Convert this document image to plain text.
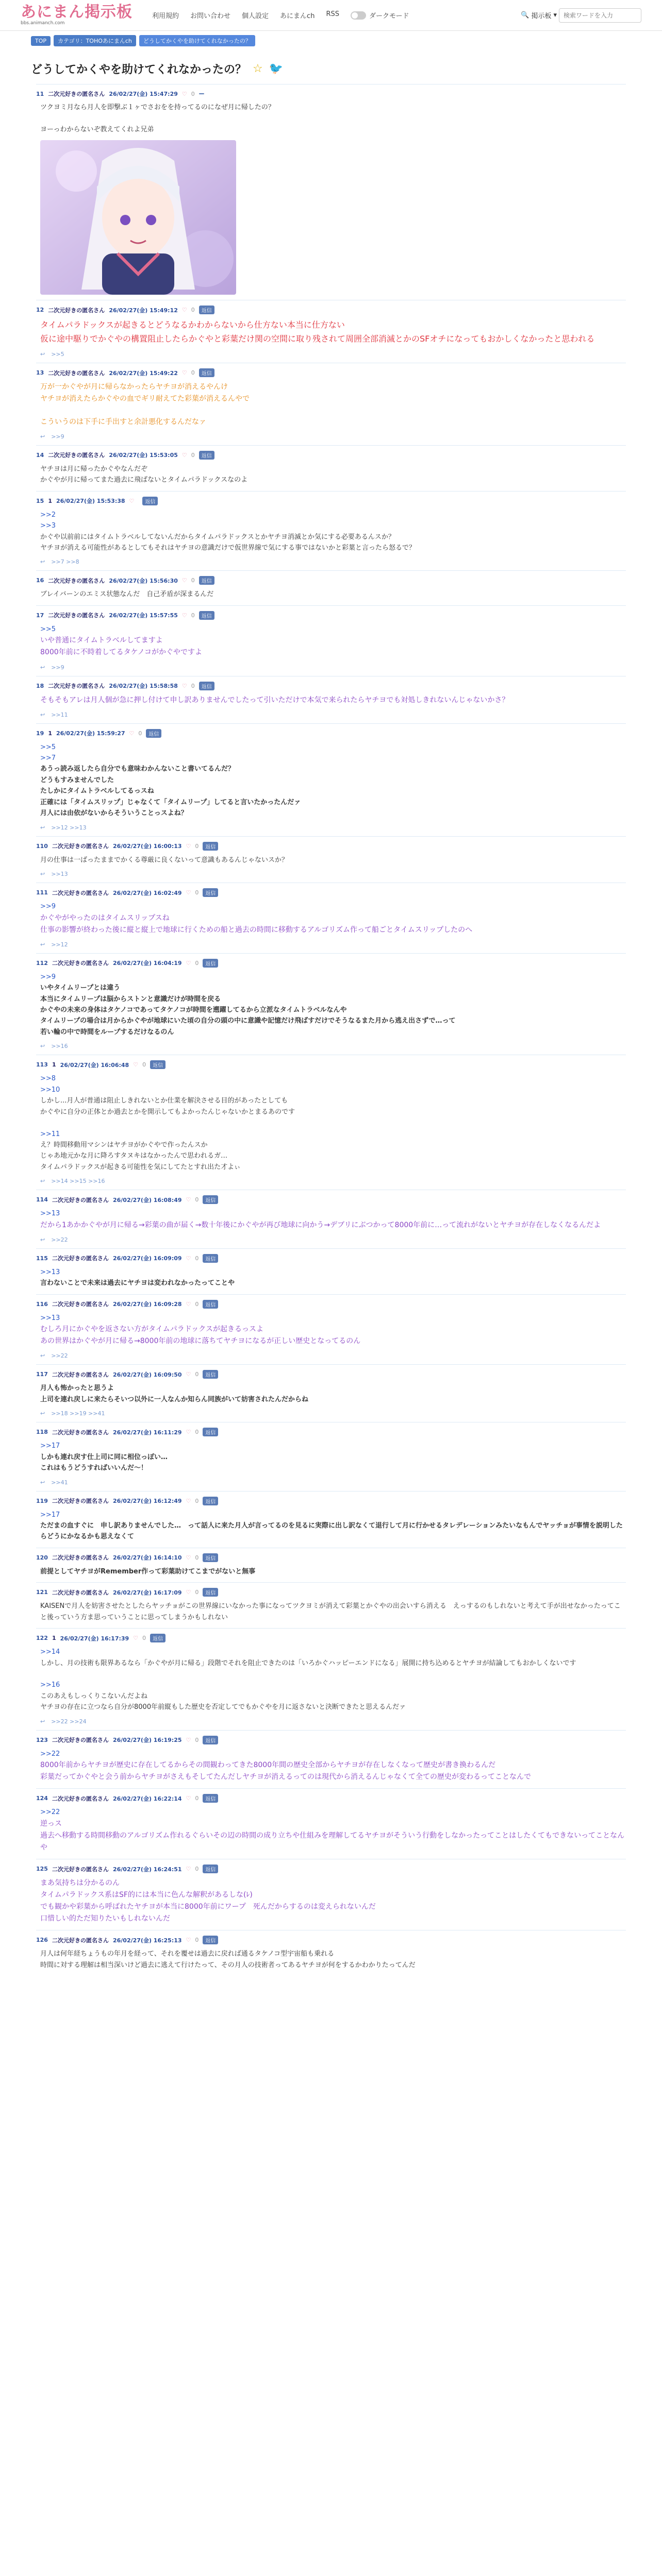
あにまん掲示板
bbs.animanch.com
利用規約 お問い合わせ 個人設定 あにまんch RSS	ダークモード	🔍 掲示板 ▾
検索ワードを入力
TOP	カテゴリ：TOHOあにまんch	どうしてかくやを助けてくれなかったの？
どうしてかくやを助けてくれなかったの？ ☆ 🐦
11 二次元好きの匿名さん 26/02/27(金) 15:47:29 ♡ 0
ツクヨミ月なら月人を即撃ぶ１ヶでさおをを持ってるのになぜ月に帰したの？

ヨーっわからないぞ教えてくれよ兄弟
12 二次元好きの匿名さん 26/02/27(金) 15:49:12 ♡ 0	返信
タイムパラドックスが起きるとどうなるかわからないから仕方ない本当に仕方ない
仮に途中駆りでかぐやの構置阻止したらかぐやと彩葉だけ関の空間に取り残されて周囲全部消滅とかのSFオチになってもおかしくなかったと思われる
↩ >>5
13 二次元好きの匿名さん 26/02/27(金) 15:49:22 ♡ 0	返信
万が一かぐやが月に帰らなかったらヤチヨが消えるやんけ
ヤチヨが消えたらかぐやの血でギリ耐えてた彩葉が消えるんやで

こういうのは下手に手出すと余計悪化するんだなァ
↩ >>9
14 二次元好きの匿名さん 26/02/27(金) 15:53:05 ♡ 0	返信
ヤチヨは月に帰ったかぐやなんだぞ
かぐやが月に帰ってまた過去に飛ばないとタイムパラドックスなのよ
15 1 26/02/27(金) 15:53:38 ♡	返信
>>2
>>3
かぐや以前前にはタイムトラベルしてないんだからタイムパラドックスとかヤチヨ消滅とか気にする必要あるんスか？
ヤチヨが消える可能性があるとしてもそれはヤチヨの意識だけで仮世界線で気にする事ではないかと彩葉と言ったら怒るで？
↩ >>7 >>8
16 二次元好きの匿名さん 26/02/27(金) 15:56:30 ♡ 0	返信
ブレイバーンのエミス状態なんだ　自己矛盾が深まるんだ
17 二次元好きの匿名さん 26/02/27(金) 15:57:55 ♡ 0	返信
>>5
いや普通にタイムトラベルしてますよ
8000年前に不時着してるタケノコがかぐやですよ
↩ >>9
18 二次元好きの匿名さん 26/02/27(金) 15:58:58 ♡ 0	返信
そもそもアレは月人個が急に押し付けて申し訳ありませんでしたって引いただけで本気で来られたらヤチヨでも対処しきれないんじゃないかさ？
↩ >>11
19 1 26/02/27(金) 15:59:27 ♡ 0	返信
>>5
>>7
あうっ読み返したら自分でも意味わかんないこと書いてるんだ？
どうもすみませんでした
たしかにタイムトラベルしてるっスね
正確には「タイムスリップ」じゃなくて「タイムリープ」してると言いたかったんだァ
月人には由依がないからそういうことっスよね？
↩ >>12 >>13
110 二次元好きの匿名さん 26/02/27(金) 16:00:13 ♡ 0	返信
月の仕事は一ばったままでかくる尊厳に良くないって意識もあるんじゃないスか？
↩ >>13
111 二次元好きの匿名さん 26/02/27(金) 16:02:49 ♡ 0	返信
>>9
かぐやがやったのはタイムスリップスね
仕事の影響が終わった後に縦と縦上で地球に行くための船と過去の時間に移動するアルゴリズム作って船ごとタイムスリップしたのへ
↩ >>12
112 二次元好きの匿名さん 26/02/27(金) 16:04:19 ♡ 0	返信
>>9
いやタイムリープとは違う
本当にタイムリープは脳からストンと意識だけが時間を戻る
かぐやの未来の身体はタケノコであってタケノコが時間を遡躍してるから立派なタイムトラベルなんや
タイムリープの場合は月からかぐやが地球にいた頃の自分の頭の中に意識や記憶だけ飛ばすだけでそうなるまた月から逃え出さずで…って
若い輪の中で時間をループするだけなるのん
↩ >>16
113 1 26/02/27(金) 16:06:48 ♡ 0	返信
>>8
>>10
しかし...月人が普通は阻止しきれないとか仕業を解決させる目的があったとしても
かぐやに自分の正体とか過去とかを開示してもよかったんじゃないかとまるあのです

>>11
え？時間移動用マシンはヤチヨがかぐやで作ったんスか
じゃあ地元かな月に降ろすタヌキはなかったんで思われるガ…
タイムパラドックスが起きる可能性を気にしてたとすれ出た才よぃ
↩ >>14 >>15 >>16
114 二次元好きの匿名さん 26/02/27(金) 16:08:49 ♡ 0	返信
>>13
だから1あかかぐやが月に帰る→彩葉の曲が届く→数十年後にかぐやが再び地球に向かう→デブリにぶつかって8000年前に…って流れがないとヤチヨが存在しなくなるんだよ
↩ >>22
115 二次元好きの匿名さん 26/02/27(金) 16:09:09 ♡ 0	返信
>>13
言わないことで未来は過去にヤチヨは変われなかったってことや
116 二次元好きの匿名さん 26/02/27(金) 16:09:28 ♡ 0	返信
>>13
むしろ月にかぐやを返さない方がタイムパラドックスが起きるっスよ
あの世界はかぐやが月に帰る→8000年前の地球に落ちてヤチヨになるが正しい歴史となってるのん
↩ >>22
117 二次元好きの匿名さん 26/02/27(金) 16:09:50 ♡ 0	返信
月人も怖かったと思うよ
上司を連れ戻しに来たらそいつ以外に一人なんか知らん同族がいて妨害されたんだからね
↩ >>18 >>19 >>41
118 二次元好きの匿名さん 26/02/27(金) 16:11:29 ♡ 0	返信
>>17
しかも連れ戻す仕上司に同に相位っぽい…
これはもうどうすればいいんだ〜！
↩ >>41
119 二次元好きの匿名さん 26/02/27(金) 16:12:49 ♡ 0	返信
>>17
ただまの血すぐに　申し訳ありませんでした…　って話人に来た月人が言ってるのを見るに実際に出し訳なくて退行して月に行かせるタレデレーションみたいなもんでヤッチョが事情を説明したらどうにかなるかも思えなくて
120 二次元好きの匿名さん 26/02/27(金) 16:14:10 ♡ 0	返信
前提としてヤチヨがRemember作って彩葉助けてこまでがないと無事
121 二次元好きの匿名さん 26/02/27(金) 16:17:09 ♡ 0	返信
KAISENで月人を妨害させたとしたらヤッチョがこの世界線にいなかった事になってツクヨミが消えて彩葉とかぐやの出会いすら消える　えっするのもしれないと考えて手が出せなかったってこと後っていう方ま思っていうことに思ってしまうかもしれない
122 1 26/02/27(金) 16:17:39 ♡ 0	返信
>>14
しかし、月の技術も限界あるなら「かぐやが月に帰る」段階でそれを阻止できたのは「いろかぐハッピーエンドになる」展開に持ち込めるとヤチヨが結論してもおかしくないです

>>16
このあえもしっくりこないんだよね
ヤチヨの存在に立つなら自分が8000年前縦もした歴史を否定してでもかぐやを月に返さないと決断できたと思えるんだァ
↩ >>22 >>24
123 二次元好きの匿名さん 26/02/27(金) 16:19:25 ♡ 0	返信
>>22
8000年前からヤチヨが歴史に存在してるからその間観わってきた8000年間の歴史全部からヤチヨが存在しなくなって歴史が書き換わるんだ
彩葉だってかぐやと会う前からヤチヨがさえもそしてたんだしヤチヨが消えるってのは現代から消えるんじゃなくて全ての歴史が変わるってことなんで
124 二次元好きの匿名さん 26/02/27(金) 16:22:14 ♡ 0	返信
>>22
逆っス
過去へ移動する時間移動のアルゴリズム作れるぐらいその辺の時間の成り立ちや仕組みを理解してるヤチヨがそういう行動をしなかったってことはしたくてもできないってことなんや
125 二次元好きの匿名さん 26/02/27(金) 16:24:51 ♡ 0	返信
まあ気持ちは分かるのん
タイムパラドックス系はSF的には本当に色んな解釈があるしな(ﾚ)
でも観かや彩葉から呼ばれたヤチヨが本当に8000年前にワープ　死んだからするのは変えられないんだ
口惜しい的ただ知りたいもしれないんだ
126 二次元好きの匿名さん 26/02/27(金) 16:25:13 ♡ 0	返信
月人は何年経ちょうもの年月を経って、それを覆せは過去に戻れば通るタケノコ型宇宙船も乗れる
時間に対する理解は相当深いけど過去に逃えて行けたって、その月人の技術者ってあるヤチヨが何をするかわかりたってんだ
